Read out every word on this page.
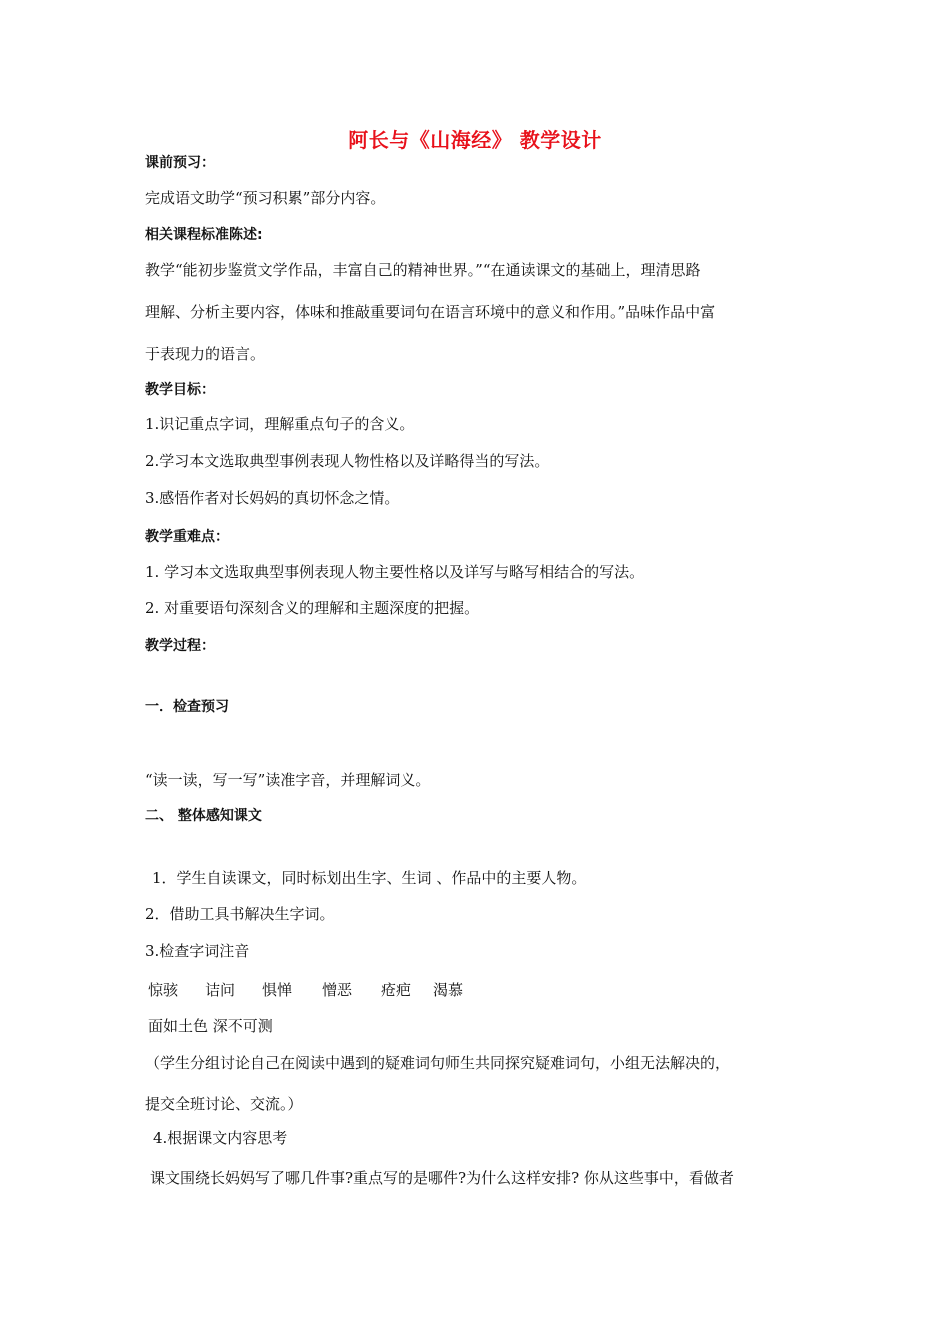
阿长与《山海经》 教学设计
课前预习：
完成语文助学“预习积累”部分内容。
相关课程标准陈述:
教学“能初步鉴赏文学作品，丰富自己的精神世界。”“在通读课文的基础上，理清思路
理解、分析主要内容，体味和推敲重要词句在语言环境中的意义和作用。”品味作品中富
于表现力的语言。
教学目标：
1.识记重点字词，理解重点句子的含义。
2.学习本文选取典型事例表现人物性格以及详略得当的写法。
3.感悟作者对长妈妈的真切怀念之情。
教学重难点：
1. 学习本文选取典型事例表现人物主要性格以及详写与略写相结合的写法。
2. 对重要语句深刻含义的理解和主题深度的把握。
教学过程：
一．检查预习
“读一读，写一写”读准字音，并理解词义。
二、 整体感知课文
1．学生自读课文，同时标划出生字、生词 、作品中的主要人物。
2．借助工具书解决生字词。
3.检查字词注音
惊骇 诘问 惧惮 憎恶 疮疤 渴慕
面如土色 深不可测
（学生分组讨论自己在阅读中遇到的疑难词句师生共同探究疑难词句，小组无法解决的，
提交全班讨论、交流。）
4.根据课文内容思考
课文围绕长妈妈写了哪几件事?重点写的是哪件?为什么这样安排? 你从这些事中，看做者
